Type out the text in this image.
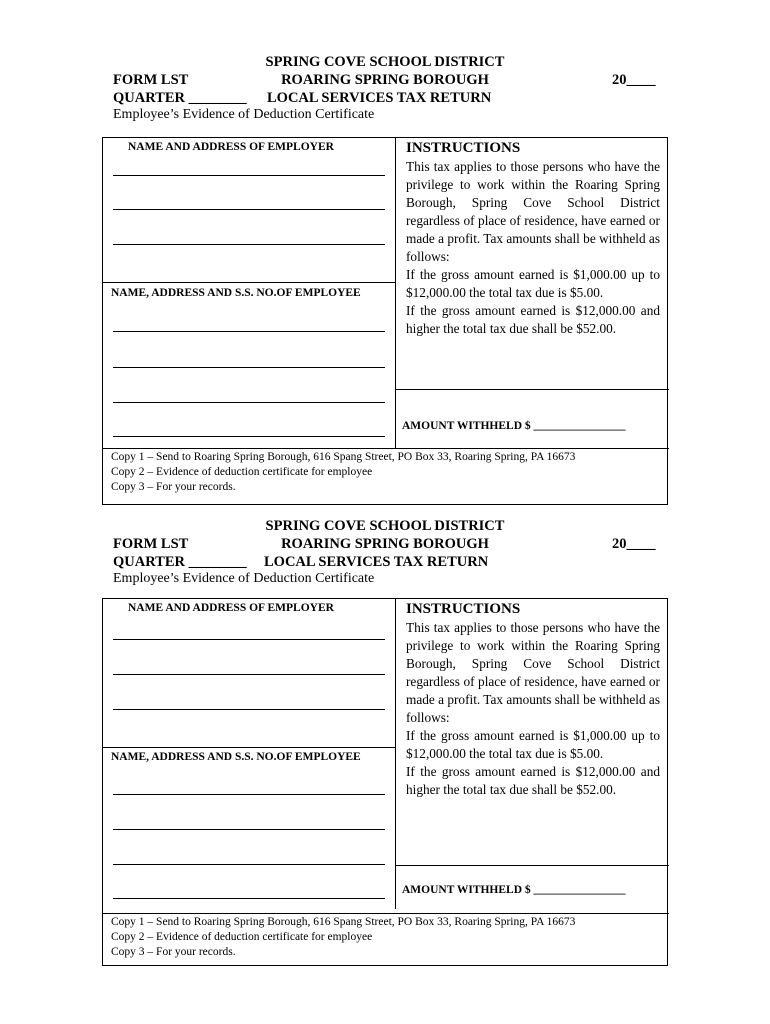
SPRING COVE SCHOOL DISTRICT
FORM LST	ROARING SPRING BOROUGH	20____
QUARTER ________ LOCAL SERVICES TAX RETURN
Employee’s Evidence of Deduction Certificate
NAME AND ADDRESS OF EMPLOYER
NAME, ADDRESS AND S.S. NO.OF EMPLOYEE
INSTRUCTIONS

This tax applies to those persons who have the privilege to work within the Roaring Spring Borough, Spring Cove School District regardless of place of residence, have earned or made a profit. Tax amounts shall be withheld as follows:

If the gross amount earned is $1,000.00 up to $12,000.00 the total tax due is $5.00.

If the gross amount earned is $12,000.00 and higher the total tax due shall be $52.00.

AMOUNT WITHHELD $ ________________
Copy 1 – Send to Roaring Spring Borough, 616 Spang Street, PO Box 33, Roaring Spring, PA 16673
Copy 2 – Evidence of deduction certificate for employee
Copy 3 – For your records.
SPRING COVE SCHOOL DISTRICT
FORM LST	ROARING SPRING BOROUGH	20____
QUARTER ________ LOCAL SERVICES TAX RETURN
Employee’s Evidence of Deduction Certificate
NAME AND ADDRESS OF EMPLOYER
NAME, ADDRESS AND S.S. NO.OF EMPLOYEE
INSTRUCTIONS

This tax applies to those persons who have the privilege to work within the Roaring Spring Borough, Spring Cove School District regardless of place of residence, have earned or made a profit. Tax amounts shall be withheld as follows:

If the gross amount earned is $1,000.00 up to $12,000.00 the total tax due is $5.00.

If the gross amount earned is $12,000.00 and higher the total tax due shall be $52.00.

AMOUNT WITHHELD $ ________________
Copy 1 – Send to Roaring Spring Borough, 616 Spang Street, PO Box 33, Roaring Spring, PA 16673
Copy 2 – Evidence of deduction certificate for employee
Copy 3 – For your records.
